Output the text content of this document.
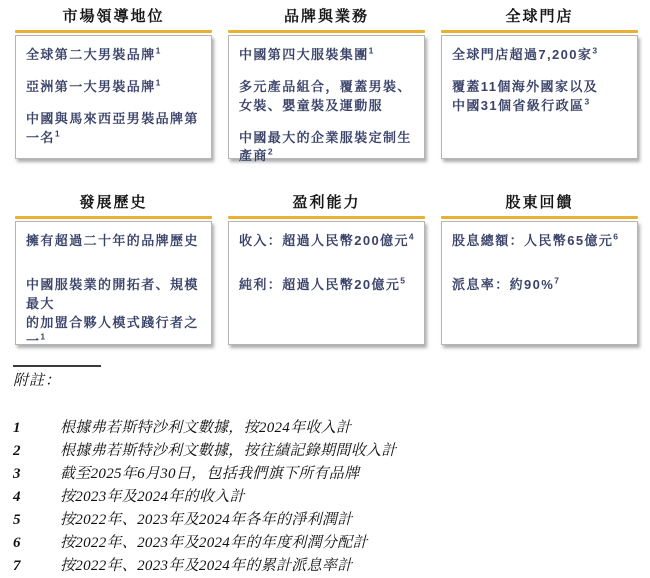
市場領導地位

全球第二大男裝品牌$^1$

亞洲第一大男裝品牌$^1$

中國與馬來西亞男裝品牌第一名$^1$

品牌與業務

中國第四大服裝集團$^1$

多元產品組合，覆蓋男裝、
女裝、嬰童裝及運動服

中國最大的企業服裝定制生產商$^2$

全球門店

全球門店超過7,200家$^3$

覆蓋11個海外國家以及
中國31個省級行政區$^3$

發展歷史

擁有超過二十年的品牌歷史

中國服裝業的開拓者、規模最大
的加盟合夥人模式踐行者之一$^1$

盈利能力

收入：超過人民幣200億元$^4$

純利：超過人民幣20億元$^5$

股東回饋

股息總額：人民幣65億元$^6$

派息率：約90%$^7$

附註：
1	根據弗若斯特沙利文數據，按2024年收入計
2	根據弗若斯特沙利文數據，按往績記錄期間收入計
3	截至2025年6月30日，包括我們旗下所有品牌
4	按2023年及2024年的收入計
5	按2022年、2023年及2024年各年的淨利潤計
6	按2022年、2023年及2024年的年度利潤分配計
7	按2022年、2023年及2024年的累計派息率計
